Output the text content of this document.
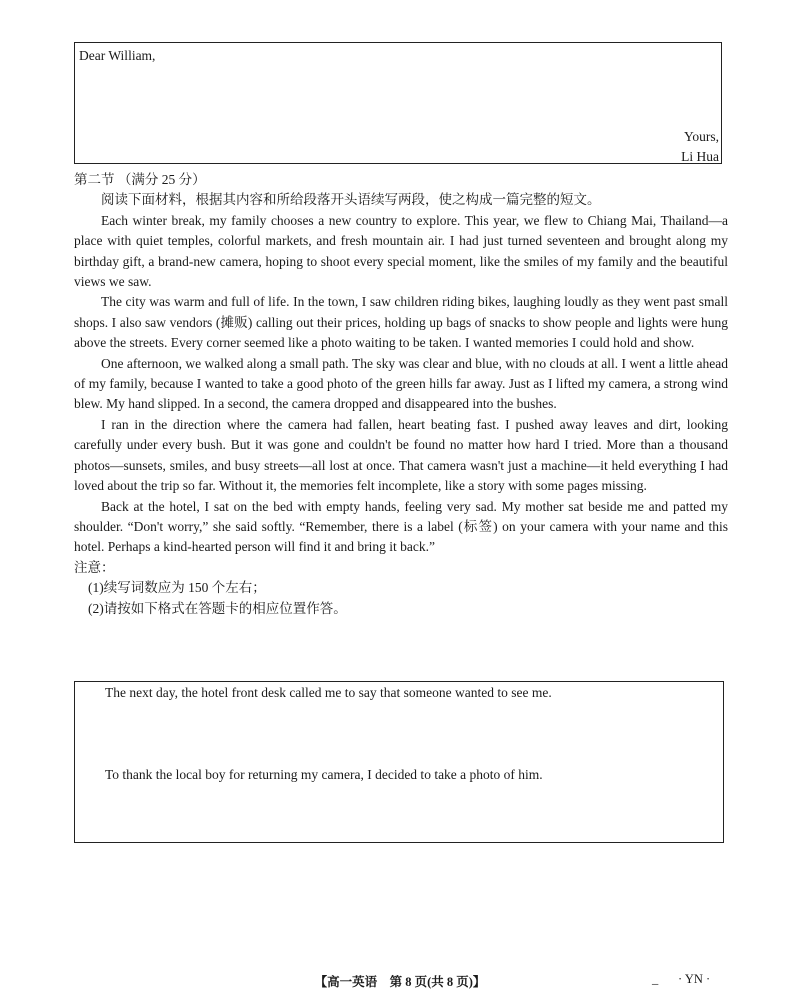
Dear William,
Yours,
Li Hua

第二节 （满分 25 分）

阅读下面材料，根据其内容和所给段落开头语续写两段，使之构成一篇完整的短文。

Each winter break, my family chooses a new country to explore. This year, we flew to Chiang Mai, Thailand—a place with quiet temples, colorful markets, and fresh mountain air. I had just turned seventeen and brought along my birthday gift, a brand-new camera, hoping to shoot every special moment, like the smiles of my family and the beautiful views we saw.

The city was warm and full of life. In the town, I saw children riding bikes, laughing loudly as they went past small shops. I also saw vendors (摊贩) calling out their prices, holding up bags of snacks to show people and lights were hung above the streets. Every corner seemed like a photo waiting to be taken. I wanted memories I could hold and show.

One afternoon, we walked along a small path. The sky was clear and blue, with no clouds at all. I went a little ahead of my family, because I wanted to take a good photo of the green hills far away. Just as I lifted my camera, a strong wind blew. My hand slipped. In a second, the camera dropped and disappeared into the bushes.

I ran in the direction where the camera had fallen, heart beating fast. I pushed away leaves and dirt, looking carefully under every bush. But it was gone and couldn't be found no matter how hard I tried. More than a thousand photos—sunsets, smiles, and busy streets—all lost at once. That camera wasn't just a machine—it held everything I had loved about the trip so far. Without it, the memories felt incomplete, like a story with some pages missing.

Back at the hotel, I sat on the bed with empty hands, feeling very sad. My mother sat beside me and patted my shoulder. “Don't worry,” she said softly. “Remember, there is a label (标签) on your camera with your name and this hotel. Perhaps a kind-hearted person will find it and bring it back.”

注意：

(1)续写词数应为 150 个左右；

(2)请按如下格式在答题卡的相应位置作答。

The next day, the hotel front desk called me to say that someone wanted to see me.
To thank the local boy for returning my camera, I decided to take a photo of him.
【高一英语　第 8 页(共 8 页)】	_ · YN ·
